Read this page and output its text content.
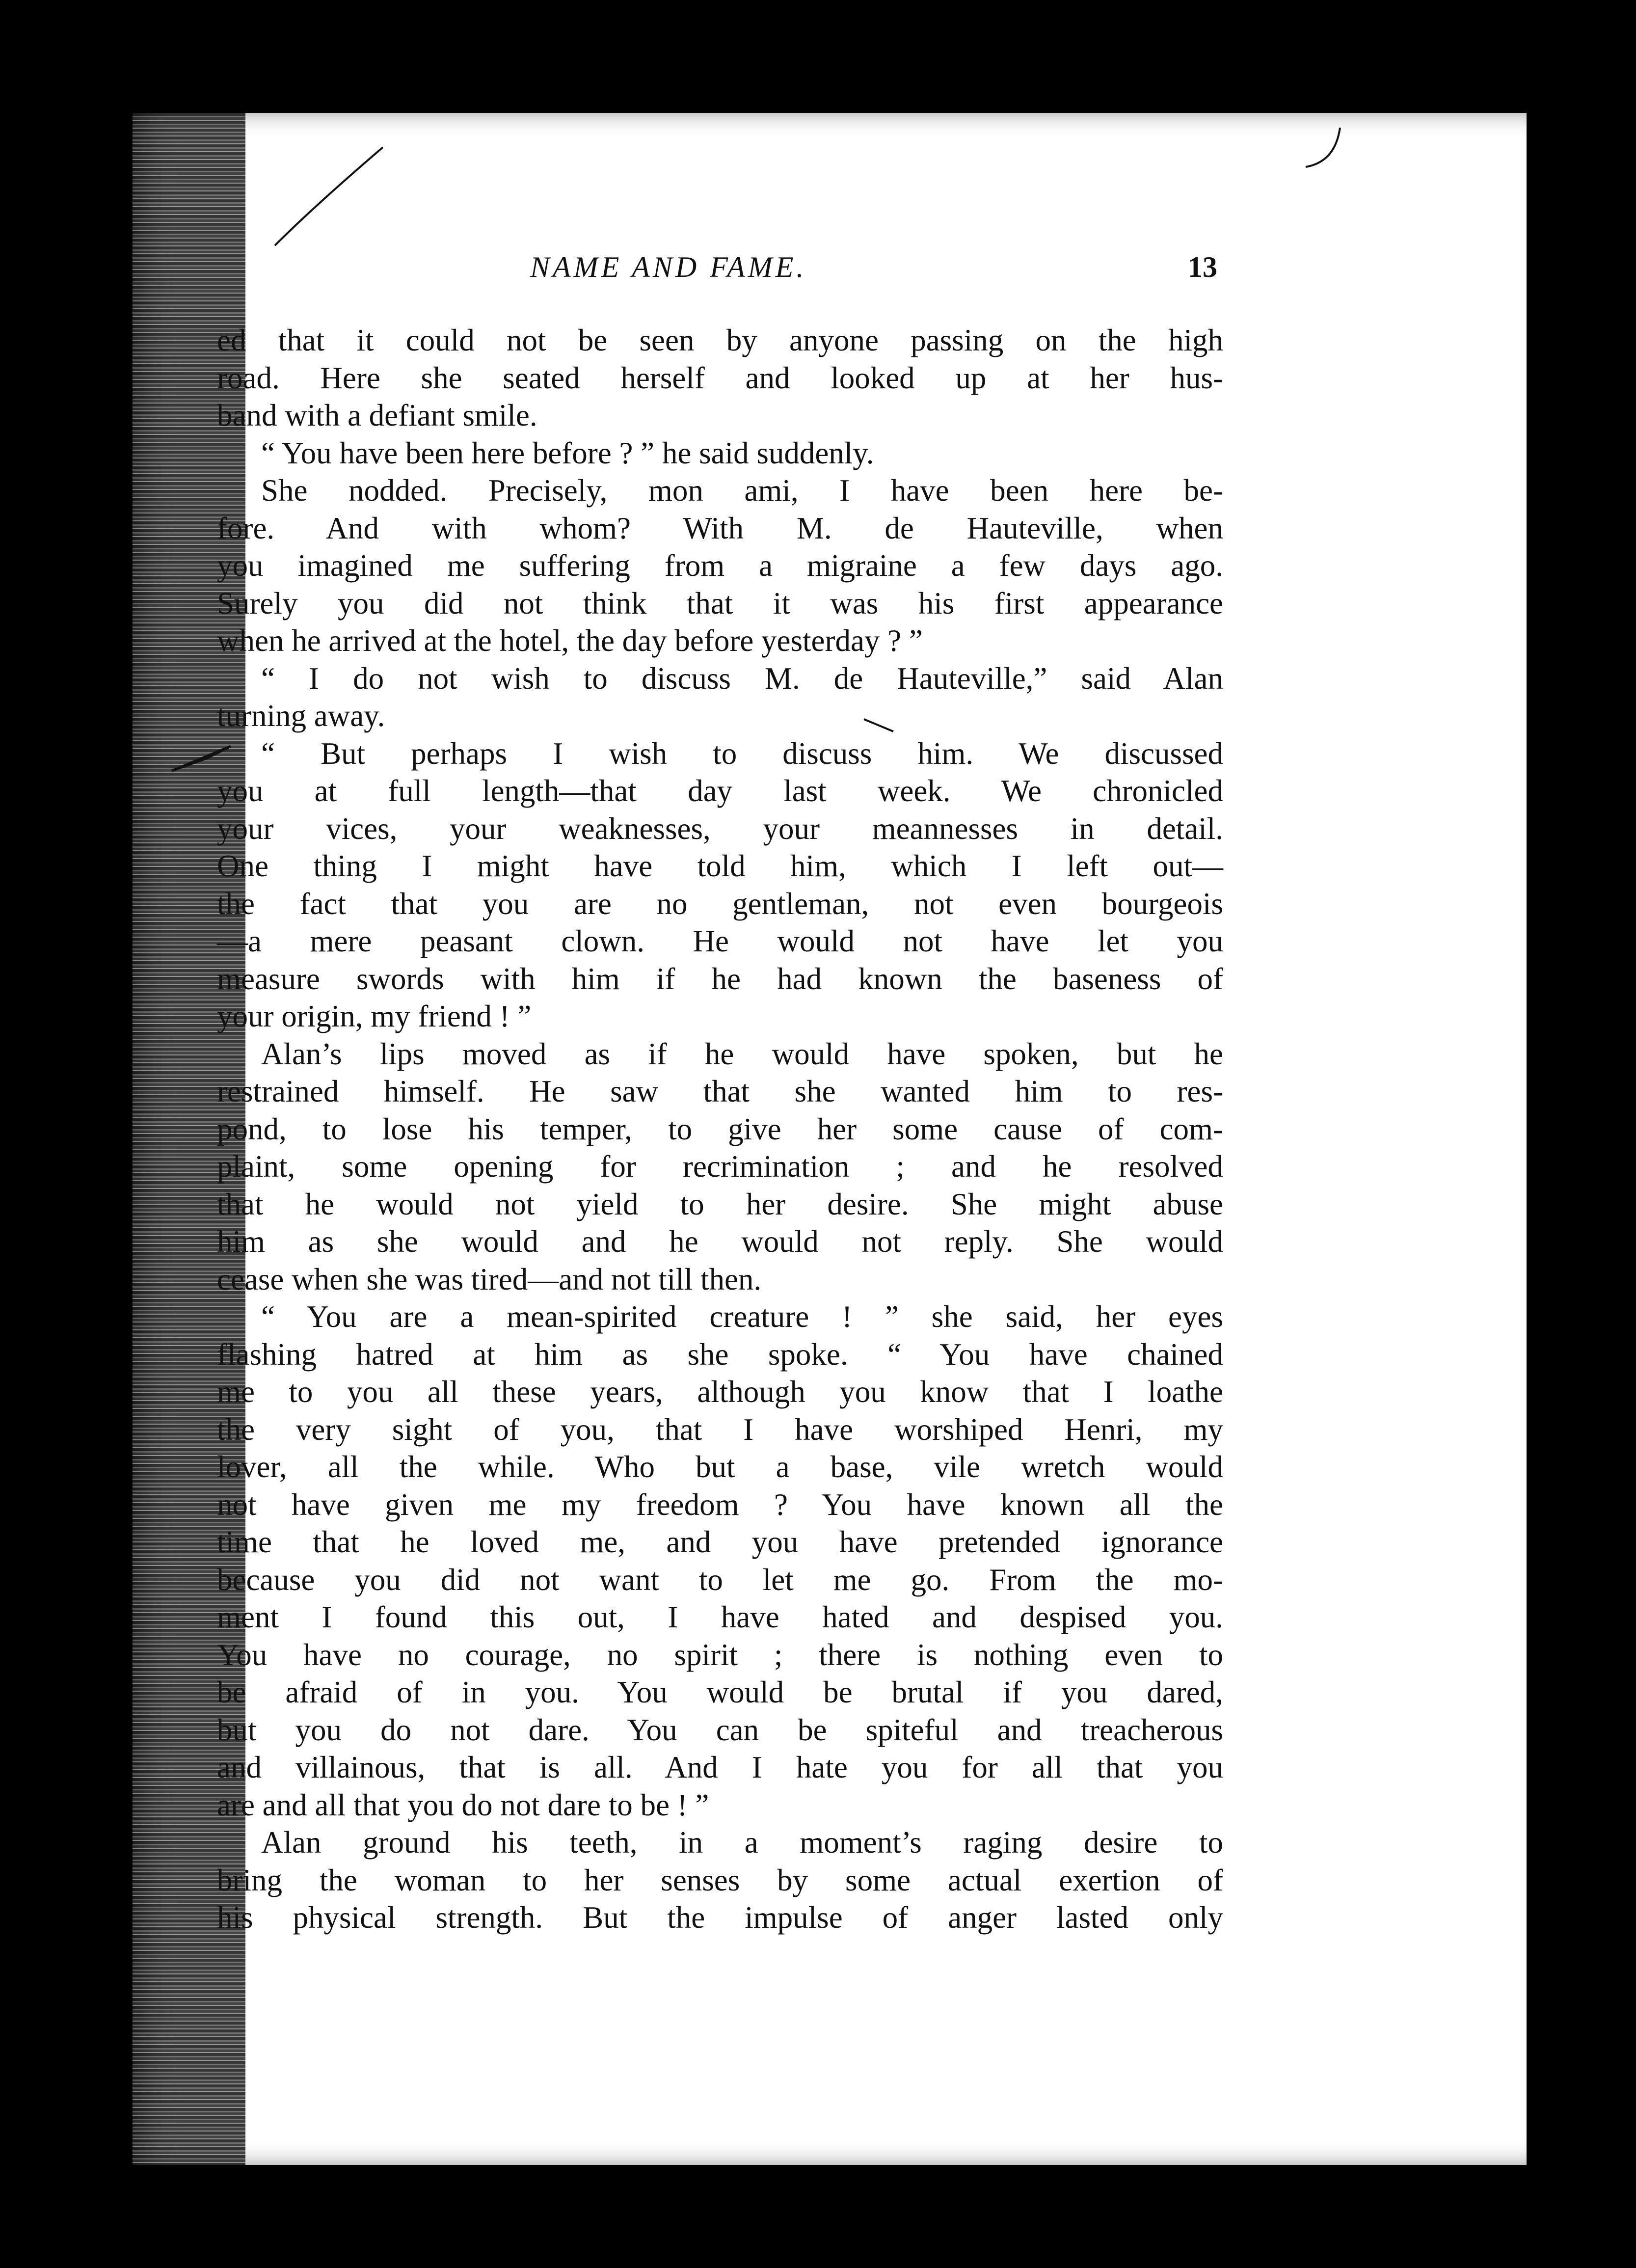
NAME AND FAME.	13
ed that it could not be seen by anyone passing on the high
road. Here she seated herself and looked up at her hus-
band with a defiant smile.
“ You have been here before ? ” he said suddenly.
She nodded. Precisely, mon ami, I have been here be-
fore. And with whom? With M. de Hauteville, when
you imagined me suffering from a migraine a few days ago.
Surely you did not think that it was his first appearance
when he arrived at the hotel, the day before yesterday ? ”
“ I do not wish to discuss M. de Hauteville,” said Alan
turning away.
“ But perhaps I wish to discuss him. We discussed
you at full length—that day last week. We chronicled
your vices, your weaknesses, your meannesses in detail.
One thing I might have told him, which I left out—
the fact that you are no gentleman, not even bourgeois
—a mere peasant clown. He would not have let you
measure swords with him if he had known the baseness of
your origin, my friend ! ”
Alan’s lips moved as if he would have spoken, but he
restrained himself. He saw that she wanted him to res-
pond, to lose his temper, to give her some cause of com-
plaint, some opening for recrimination ; and he resolved
that he would not yield to her desire. She might abuse
him as she would and he would not reply. She would
cease when she was tired—and not till then.
“ You are a mean-spirited creature ! ” she said, her eyes
flashing hatred at him as she spoke. “ You have chained
me to you all these years, although you know that I loathe
the very sight of you, that I have worshiped Henri, my
lover, all the while. Who but a base, vile wretch would
not have given me my freedom ? You have known all the
time that he loved me, and you have pretended ignorance
because you did not want to let me go. From the mo-
ment I found this out, I have hated and despised you.
You have no courage, no spirit ; there is nothing even to
be afraid of in you. You would be brutal if you dared,
but you do not dare. You can be spiteful and treacherous
and villainous, that is all. And I hate you for all that you
are and all that you do not dare to be ! ”
Alan ground his teeth, in a moment’s raging desire to
bring the woman to her senses by some actual exertion of
his physical strength. But the impulse of anger lasted only
